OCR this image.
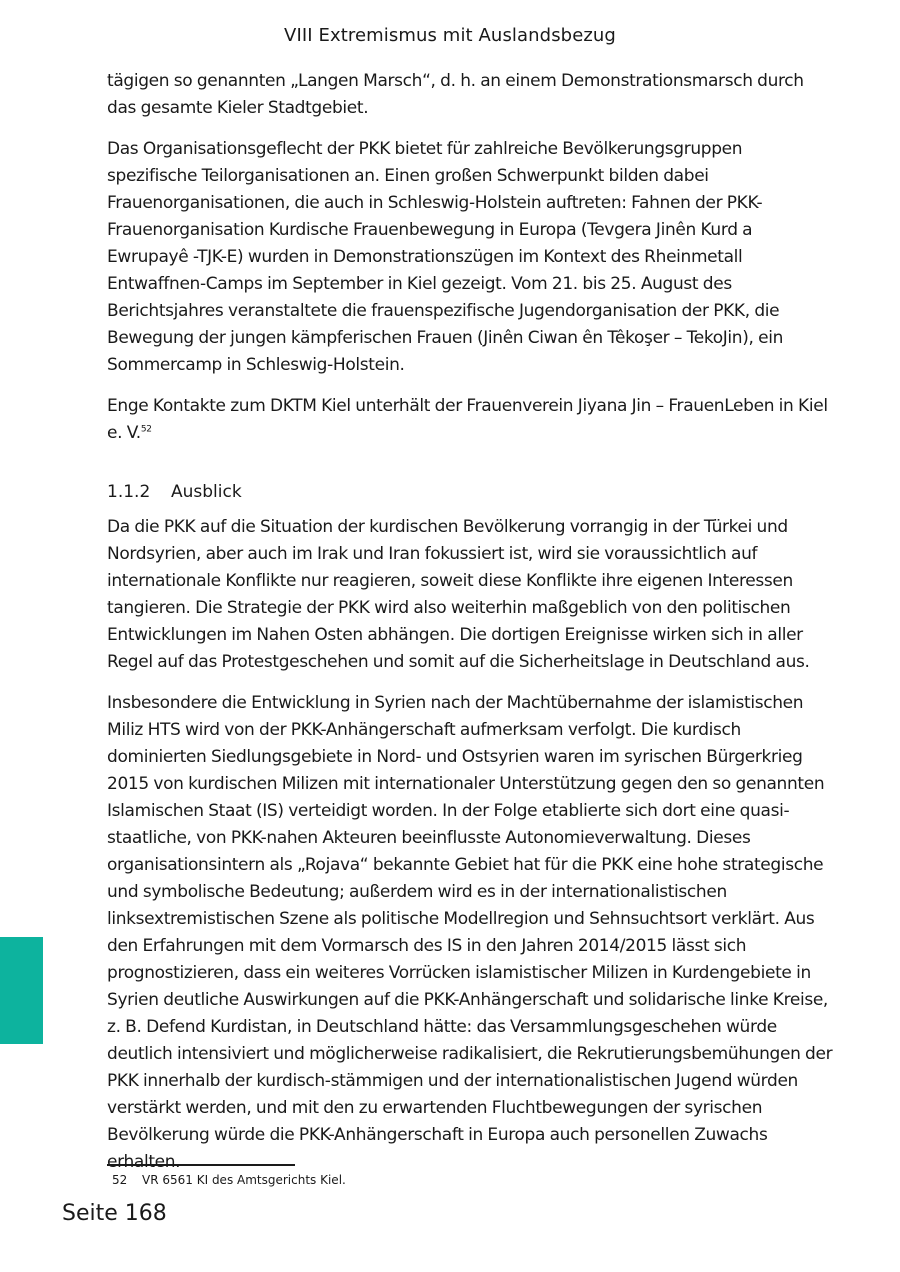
VIII Extremismus mit Auslandsbezug

tägigen so genannten „Langen Marsch“, d. h. an einem Demonstrationsmarsch durch das gesamte Kieler Stadtgebiet.

Das Organisationsgeflecht der PKK bietet für zahlreiche Bevölkerungsgruppen spezifische Teilorganisationen an. Einen großen Schwerpunkt bilden dabei Frauenorganisationen, die auch in Schleswig-Holstein auftreten: Fahnen der PKK-Frauenorganisation Kurdische Frauenbewegung in Europa (Tevgera Jinên Kurd a Ewrupayê -TJK-E) wurden in Demonstrationszügen im Kontext des Rheinmetall Entwaffnen-Camps im September in Kiel gezeigt. Vom 21. bis 25. August des Berichtsjahres veranstaltete die frauenspezifische Jugendorganisation der PKK, die Bewegung der jungen kämpferischen Frauen (Jinên Ciwan ên Têkoşer – TekoJin), ein Sommercamp in Schleswig-Holstein.

Enge Kontakte zum DKTM Kiel unterhält der Frauenverein Jiyana Jin – FrauenLeben in Kiel e. V.$^{52}$

1.1.2 Ausblick

Da die PKK auf die Situation der kurdischen Bevölkerung vorrangig in der Türkei und Nordsyrien, aber auch im Irak und Iran fokussiert ist, wird sie voraussichtlich auf internationale Konflikte nur reagieren, soweit diese Konflikte ihre eigenen Interessen tangieren. Die Strategie der PKK wird also weiterhin maßgeblich von den politischen Entwicklungen im Nahen Osten abhängen. Die dortigen Ereignisse wirken sich in aller Regel auf das Protestgeschehen und somit auf die Sicherheitslage in Deutschland aus.

Insbesondere die Entwicklung in Syrien nach der Machtübernahme der islamistischen Miliz HTS wird von der PKK-Anhängerschaft aufmerksam verfolgt. Die kurdisch dominierten Siedlungsgebiete in Nord- und Ostsyrien waren im syrischen Bürgerkrieg 2015 von kurdischen Milizen mit internationaler Unterstützung gegen den so genannten Islamischen Staat (IS) verteidigt worden. In der Folge etablierte sich dort eine quasi-staatliche, von PKK-nahen Akteuren beeinflusste Autonomieverwaltung. Dieses organisationsintern als „Rojava“ bekannte Gebiet hat für die PKK eine hohe strategische und symbolische Bedeutung; außerdem wird es in der internationalistischen linksextremistischen Szene als politische Modellregion und Sehnsuchtsort verklärt. Aus den Erfahrungen mit dem Vormarsch des IS in den Jahren 2014/2015 lässt sich prognostizieren, dass ein weiteres Vorrücken islamistischer Milizen in Kurdengebiete in Syrien deutliche Auswirkungen auf die PKK-Anhängerschaft und solidarische linke Kreise, z. B. Defend Kurdistan, in Deutschland hätte: das Versammlungsgeschehen würde deutlich intensiviert und möglicherweise radikalisiert, die Rekrutierungsbemühungen der PKK innerhalb der kurdisch-stämmigen und der internationalistischen Jugend würden verstärkt werden, und mit den zu erwartenden Fluchtbewegungen der syrischen Bevölkerung würde die PKK-Anhängerschaft in Europa auch personellen Zuwachs erhalten.

52 VR 6561 KI des Amtsgerichts Kiel.
Seite 168
